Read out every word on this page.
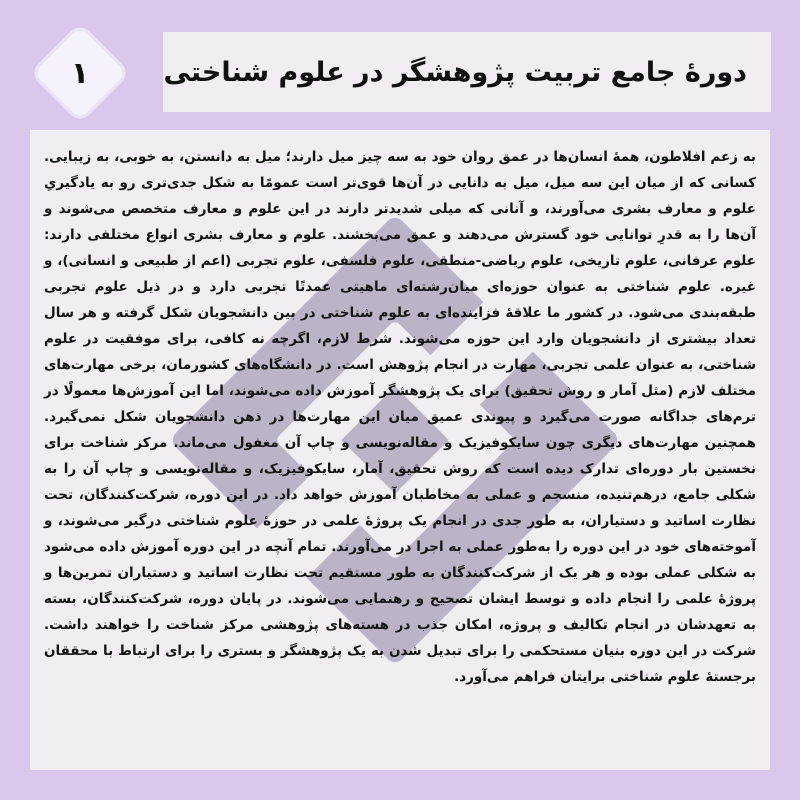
۱	دورهٔ جامع تربیت پژوهشگر در علوم شناختی

به زعم افلاطون، همهٔ انسان‌ها در عمق روان خود به سه چیز میل دارند؛ میل به دانستن، به خوبی، به زیبایی. کسانی که از میان این سه میل، میل به دانایی در آن‌ها قوی‌تر است عمومًا به شکل جدی‌تری رو به یادگیریِ علوم و معارف بشری می‌آورند، و آنانی که میلی شدیدتر دارند در این علوم و معارف متخصص می‌شوند و آن‌ها را به قدرِ توانایی خود گسترش می‌دهند و عمق می‌بخشند. علوم و معارف بشری انواع مختلفی دارند: علوم عرفانی، علوم تاریخی، علوم ریاضی-منطقی، علوم فلسفی، علوم تجربی (اعم از طبیعی و انسانی)، و غیره. علوم شناختی به عنوان حوزه‌ای میان‌رشته‌ای ماهیتی عمدتًا تجربی دارد و در ذیل علوم تجربی طبقه‌بندی می‌شود. در کشور ما علاقهٔ فزاینده‌ای به علوم شناختی در بین دانشجویان شکل گرفته و هر سال تعداد بیشتری از دانشجویان وارد این حوزه می‌شوند. شرط لازم، اگرچه نه کافی، برای موفقیت در علوم شناختی، به عنوان علمی تجربی، مهارت در انجام پژوهش است. در دانشگاه‌های کشورمان، برخی مهارت‌های مختلف لازم (مثل آمار و روش تحقیق) برای یک پژوهشگر آموزش داده می‌شوند، اما این آموزش‌ها معمولًا در ترم‌های جداگانه صورت می‌گیرد و پیوندی عمیق میان این مهارت‌ها در ذهن دانشجویان شکل نمی‌گیرد. همچنین مهارت‌های دیگری چون سایکوفیزیک و مقاله‌نویسی و چاپ آن مغفول می‌ماند. مرکز شناخت برای نخستین بار دوره‌ای تدارک دیده است که روش تحقیق، آمار، سایکوفیزیک، و مقاله‌نویسی و چاپ آن را به شکلی جامع، درهم‌تنیده، منسجم و عملی به مخاطبان آموزش خواهد داد. در این دوره، شرکت‌کنندگان، تحت نظارت اساتید و دستیاران، به طور جدی در انجام یک پروژهٔ علمی در حوزهٔ علوم شناختی درگیر می‌شوند، و آموخته‌های خود در این دوره را به‌طور عملی به اجرا در می‌آورند. تمام آنچه در این دوره آموزش داده می‌شود به شکلی عملی بوده و هر یک از شرکت‌کنندگان به طور مستقیم تحت نظارت اساتید و دستیاران تمرین‌ها و پروژهٔ علمی را انجام داده و توسط ایشان تصحیح و رهنمایی می‌شوند. در پایان دوره، شرکت‌کنندگان، بسته به تعهدشان در انجام تکالیف و پروژه، امکان جذب در هسته‌های پژوهشی مرکز شناخت را خواهند داشت. شرکت در این دوره بنیان مستحکمی را برای تبدیل شدن به یک پژوهشگر و بستری را برای ارتباط با محققان برجستهٔ علوم شناختی برایتان فراهم می‌آورد.
